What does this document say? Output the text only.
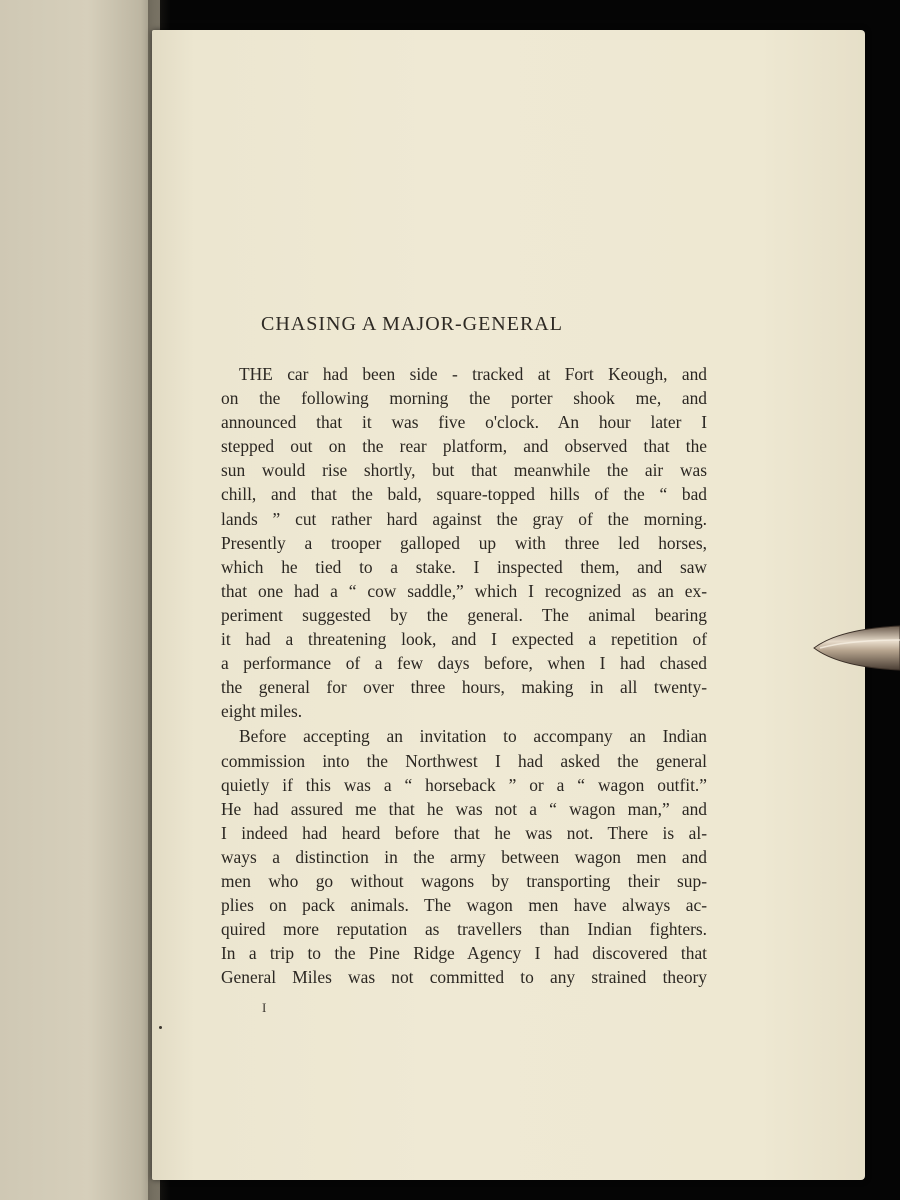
CHASING A MAJOR-GENERAL
THE car had been side - tracked at Fort Keough, and
on the following morning the porter shook me, and
announced that it was five o'clock. An hour later I
stepped out on the rear platform, and observed that the
sun would rise shortly, but that meanwhile the air was
chill, and that the bald, square-topped hills of the “ bad
lands ” cut rather hard against the gray of the morning.
Presently a trooper galloped up with three led horses,
which he tied to a stake. I inspected them, and saw
that one had a “ cow saddle,” which I recognized as an ex-
periment suggested by the general. The animal bearing
it had a threatening look, and I expected a repetition of
a performance of a few days before, when I had chased
the general for over three hours, making in all twenty-
eight miles.
Before accepting an invitation to accompany an Indian
commission into the Northwest I had asked the general
quietly if this was a “ horseback ” or a “ wagon outfit.”
He had assured me that he was not a “ wagon man,” and
I indeed had heard before that he was not. There is al-
ways a distinction in the army between wagon men and
men who go without wagons by transporting their sup-
plies on pack animals. The wagon men have always ac-
quired more reputation as travellers than Indian fighters.
In a trip to the Pine Ridge Agency I had discovered that
General Miles was not committed to any strained theory
I
